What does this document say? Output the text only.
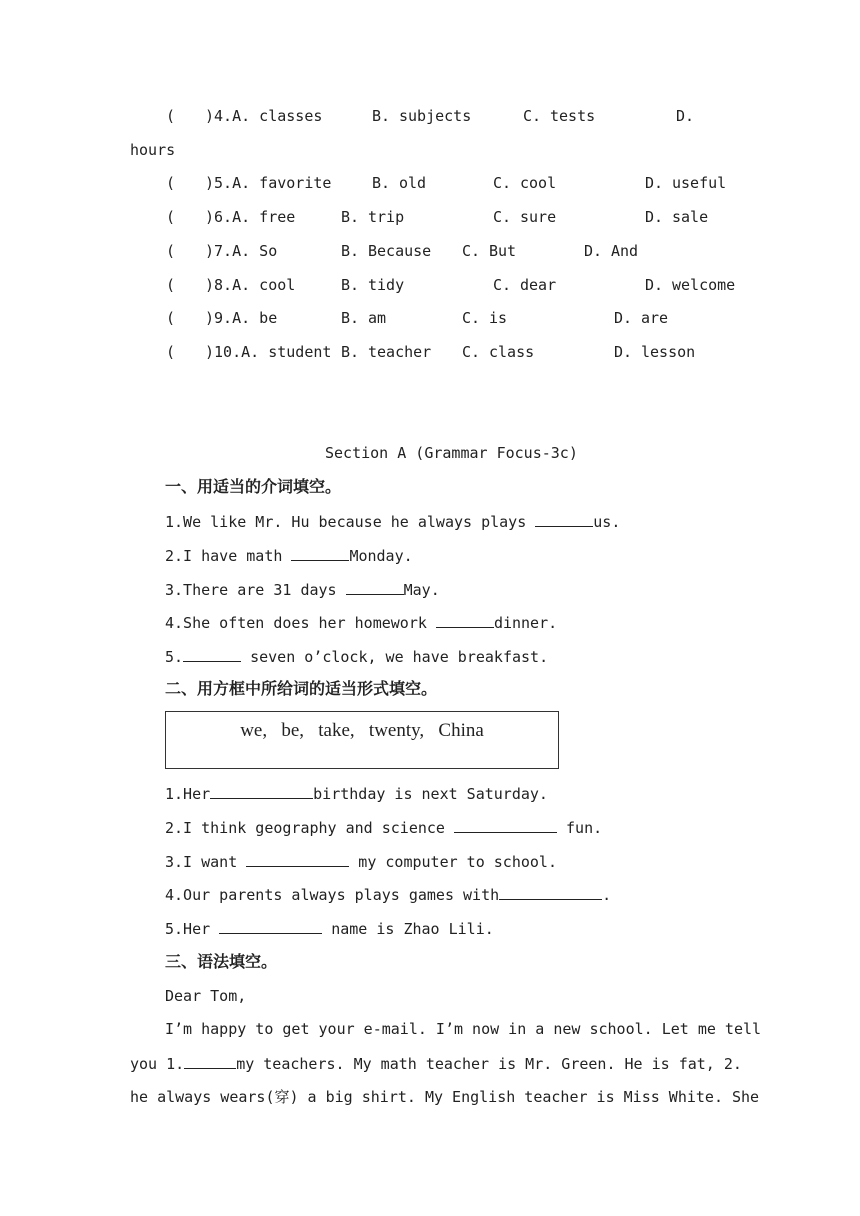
( )4.A. classes	B. subjects	C. tests	D.
hours
( )5.A. favorite	B. old	C. cool	D. useful
( )6.A. free	B. trip	C. sure	D. sale
( )7.A. So	B. Because C. But	D. And
( )8.A. cool	B. tidy	C. dear	D. welcome
( )9.A. be	B. am	C. is	D. are
( )10.A. student B. teacher C. class	D. lesson
Section A (Grammar Focus-3c)
一、用适当的介词填空。
1.We like Mr. Hu because he always plays	us.
2.I have math	Monday.
3.There are 31 days	May.
4.She often does her homework	dinner.
5.	seven o’clock, we have breakfast.
二、用方框中所给词的适当形式填空。
we,   be,   take,   twenty,   China
1.Her	birthday is next Saturday.
2.I think geography and science	fun.
3.I want	my computer to school.
4.Our parents always plays games with	.
5.Her	name is Zhao Lili.
三、语法填空。
Dear Tom,
I’m happy to get your e-mail. I’m now in a new school. Let me tell
you 1.	my teachers. My math teacher is Mr. Green. He is fat, 2.
he always wears(穿) a big shirt. My English teacher is Miss White. She
